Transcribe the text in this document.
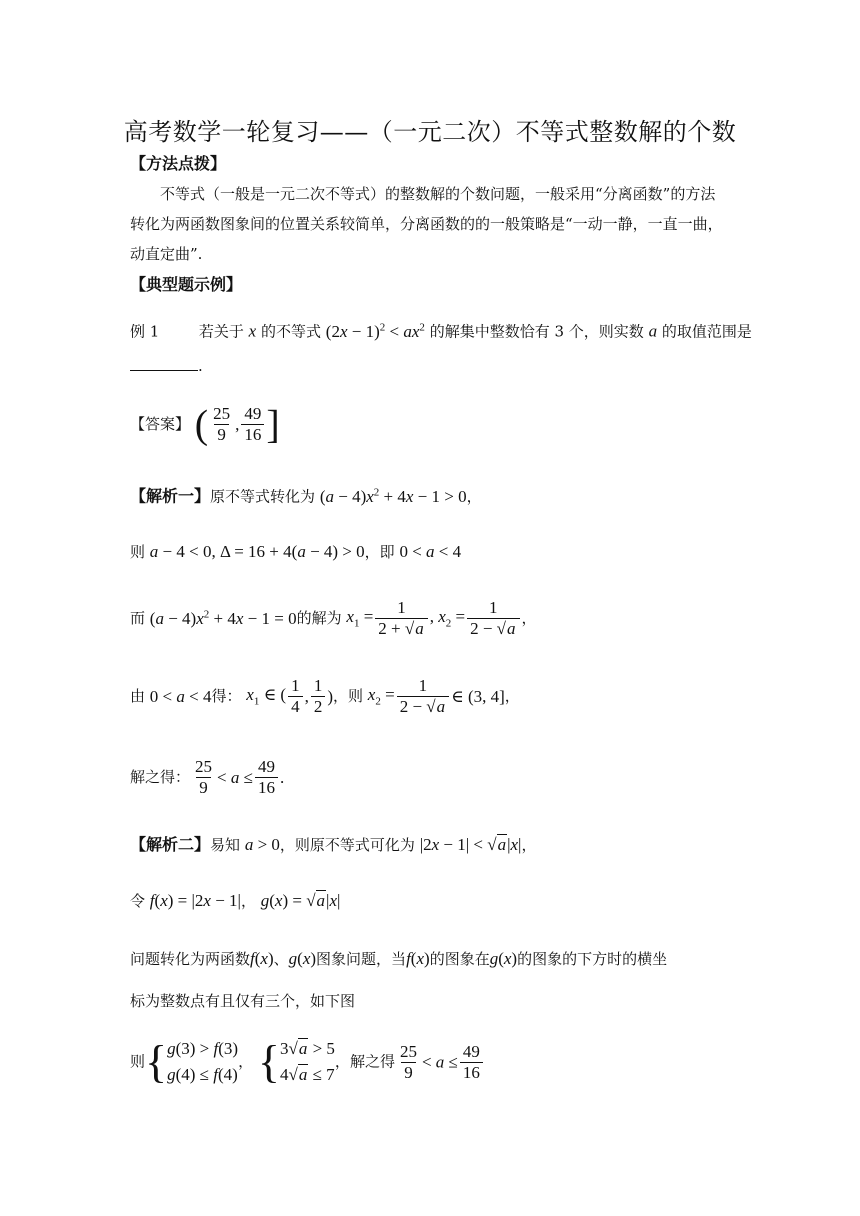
高考数学一轮复习——（一元二次）不等式整数解的个数
【方法点拨】
不等式（一般是一元二次不等式）的整数解的个数问题，一般采用“分离函数”的方法转化为两函数图象间的位置关系较简单，分离函数的的一般策略是“一动一静，一直一曲，动直定曲”.
【典型题示例】
例 1	若关于 x 的不等式 $(2x - 1)^2 < ax^2$ 的解集中整数恰有 3 个，则实数 a 的取值范围是
.
【答案】 ( $\frac{25}{9}$ , $\frac{49}{16}$ ]
【解析一】原不等式转化为 $(a - 4)x^2 + 4x - 1 > 0$，
则 a − 4 < 0, Δ = 16 + 4(a − 4) > 0，即 0 < a < 4
而 $(a - 4)x^2 + 4x - 1 = 0$的解为 $x_1 = \frac{1}{2 + √a}$ , $x_2 = \frac{1}{2 - √a}$ ，
由 0 < a < 4得： $x_1$ ∈ ( $\frac{1}{4}$ , $\frac{1}{2}$ )，则 $x_2 = \frac{1}{2 - √a}$ ∈ (3, 4]，
解之得： $\frac{25}{9} < a \le \frac{49}{16}$ .
【解析二】易知 a > 0，则原不等式可化为 |2x − 1| < √a|x|，
令 f(x) = |2x − 1|， g(x) = √a|x|
问题转化为两函数f(x)、g(x)图象问题，当f(x)的图象在g(x)的图象的下方时的横坐
标为整数点有且仅有三个，如下图
则{ g(3) > f(3)
g(4) ≤ f(4)
， { 3√a > 5
4√a ≤ 7
，解之得 $\frac{25}{9} < a \le \frac{49}{16}$
